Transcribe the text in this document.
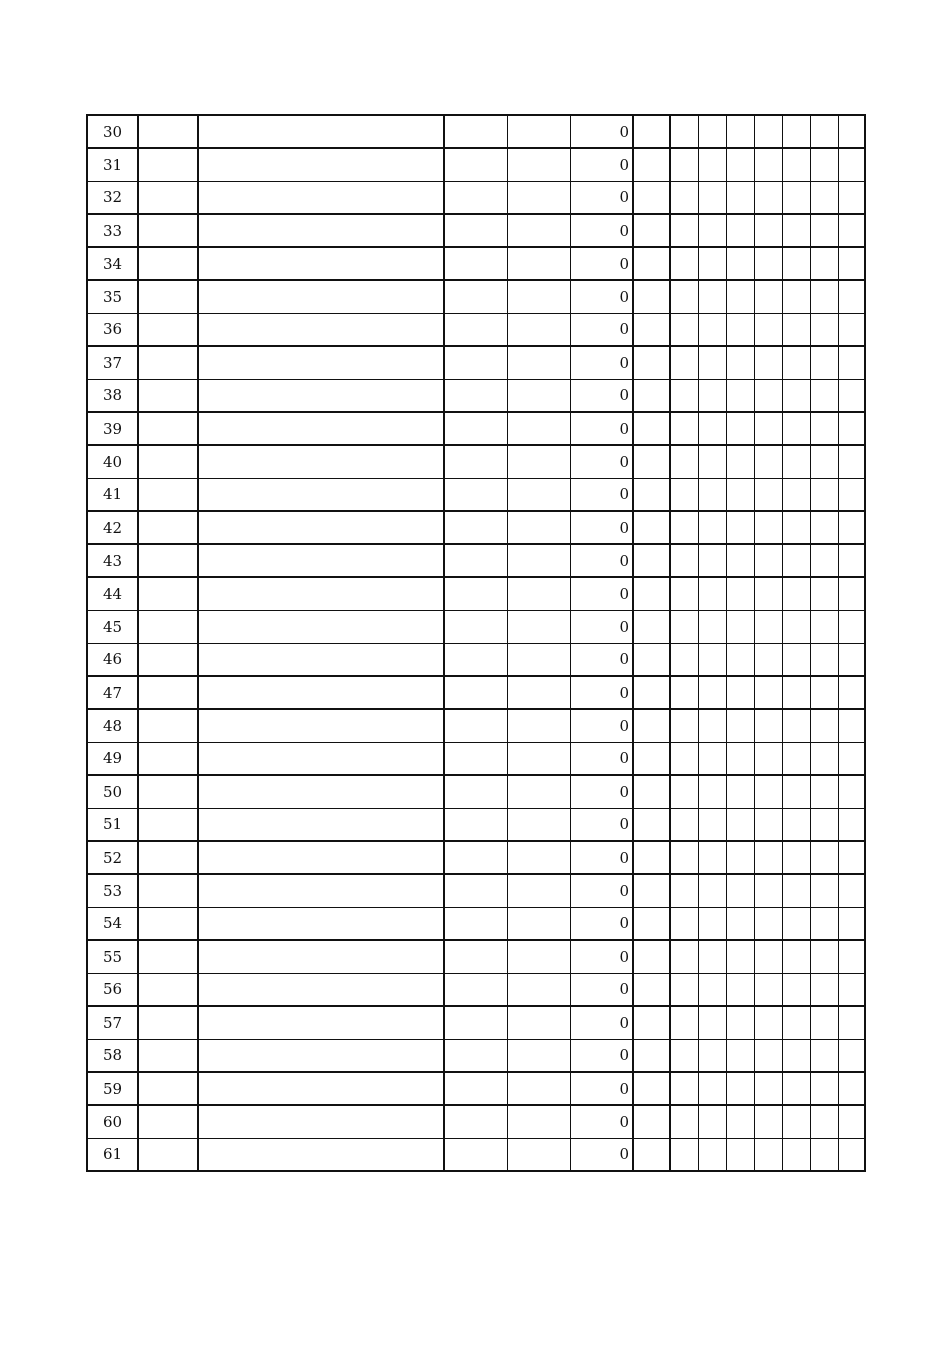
30					0								
31					0								
32					0								
33					0								
34					0								
35					0								
36					0								
37					0								
38					0								
39					0								
40					0								
41					0								
42					0								
43					0								
44					0								
45					0								
46					0								
47					0								
48					0								
49					0								
50					0								
51					0								
52					0								
53					0								
54					0								
55					0								
56					0								
57					0								
58					0								
59					0								
60					0								
61					0								
